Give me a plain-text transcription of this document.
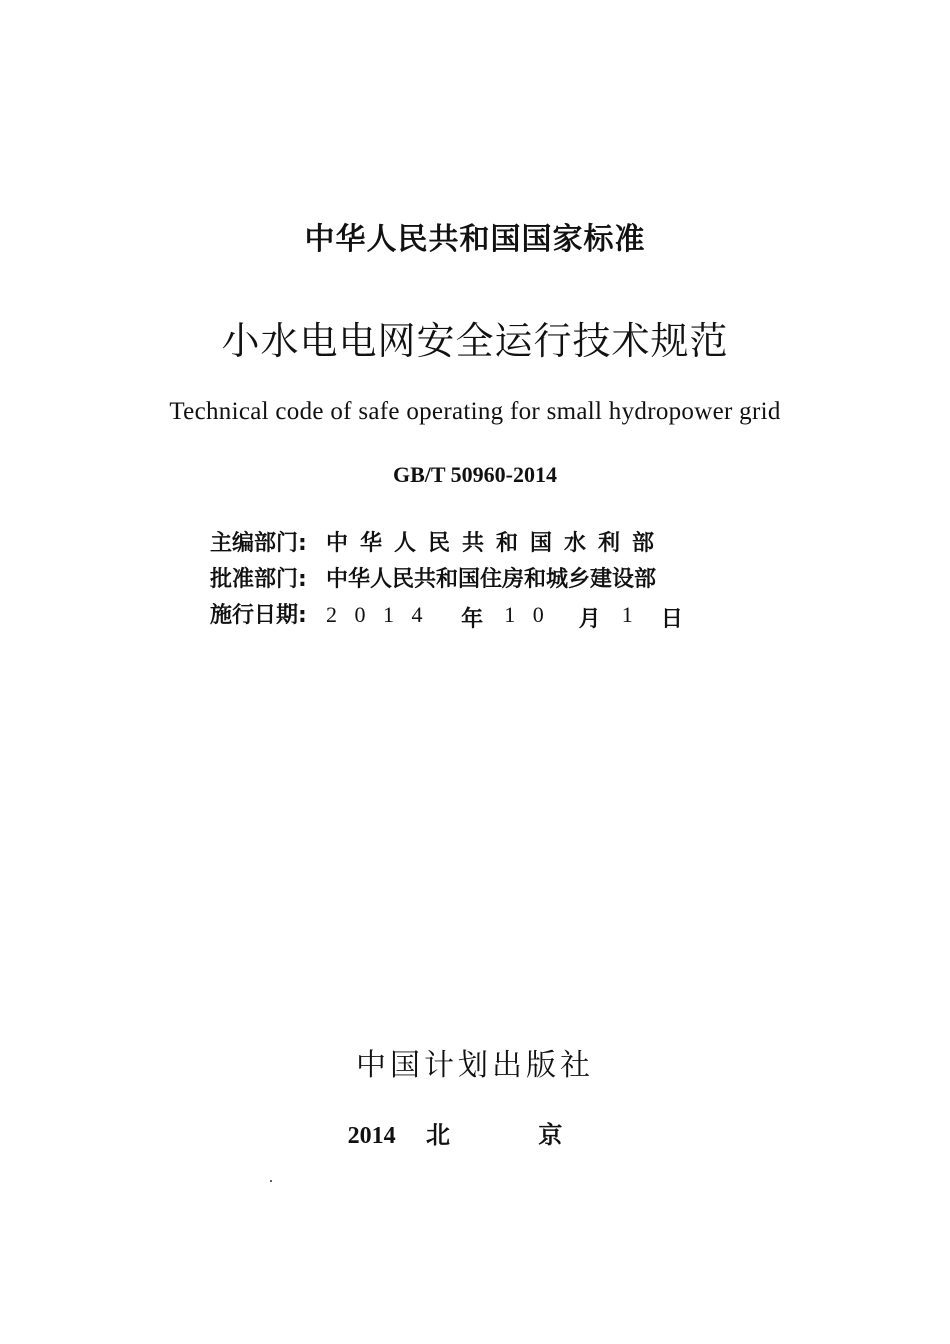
中华人民共和国国家标准
小水电电网安全运行技术规范
Technical code of safe operating for small hydropower grid
GB/T 50960-2014
主编部门: 中华人民共和国水利部
批准部门: 中华人民共和国住房和城乡建设部
施行日期: 2 0 1 4	年 1 0	月 1	日
中国计划出版社
2014 北 京
